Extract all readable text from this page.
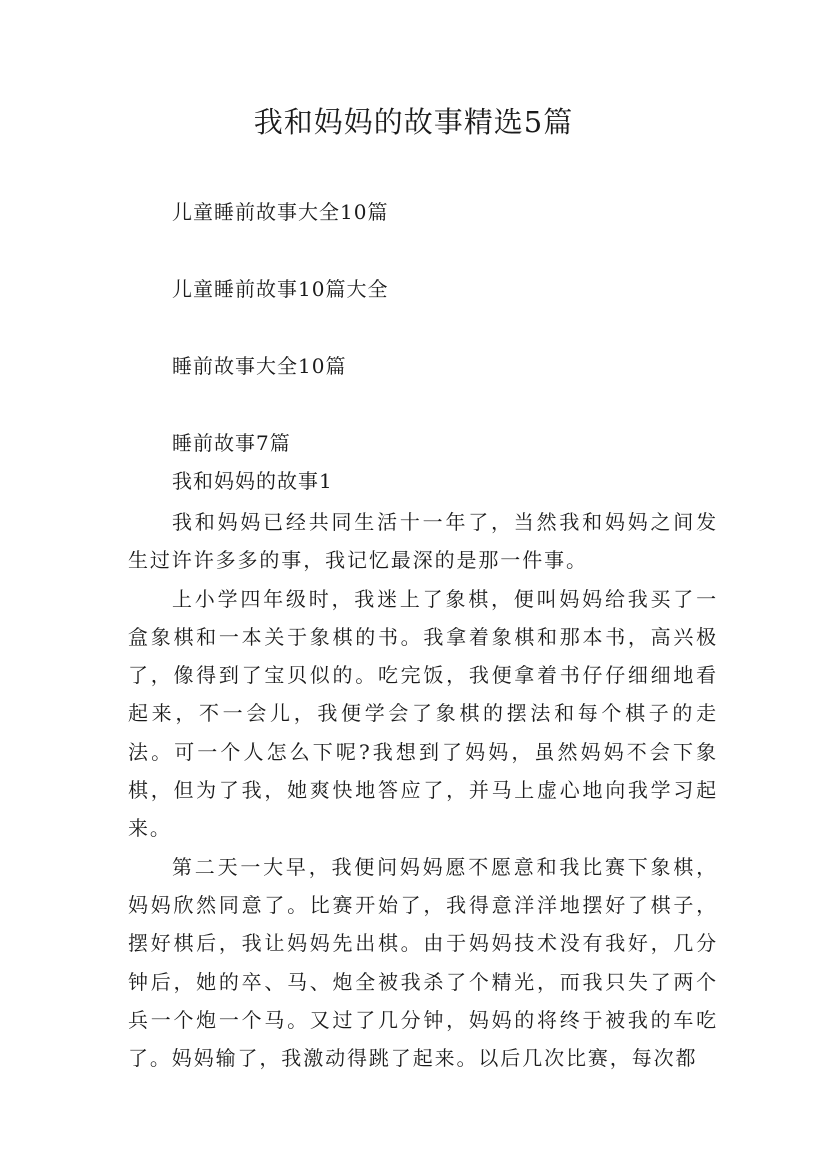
我和妈妈的故事精选5篇
儿童睡前故事大全10篇
儿童睡前故事10篇大全
睡前故事大全10篇
睡前故事7篇
我和妈妈的故事1

我和妈妈已经共同生活十一年了，当然我和妈妈之间发生过许许多多的事，我记忆最深的是那一件事。

上小学四年级时，我迷上了象棋，便叫妈妈给我买了一盒象棋和一本关于象棋的书。我拿着象棋和那本书，高兴极了，像得到了宝贝似的。吃完饭，我便拿着书仔仔细细地看起来，不一会儿，我便学会了象棋的摆法和每个棋子的走法。可一个人怎么下呢?我想到了妈妈，虽然妈妈不会下象棋，但为了我，她爽快地答应了，并马上虚心地向我学习起来。

第二天一大早，我便问妈妈愿不愿意和我比赛下象棋，妈妈欣然同意了。比赛开始了，我得意洋洋地摆好了棋子，摆好棋后，我让妈妈先出棋。由于妈妈技术没有我好，几分钟后，她的卒、马、炮全被我杀了个精光，而我只失了两个兵一个炮一个马。又过了几分钟，妈妈的将终于被我的车吃了。妈妈输了，我激动得跳了起来。以后几次比赛，每次都
